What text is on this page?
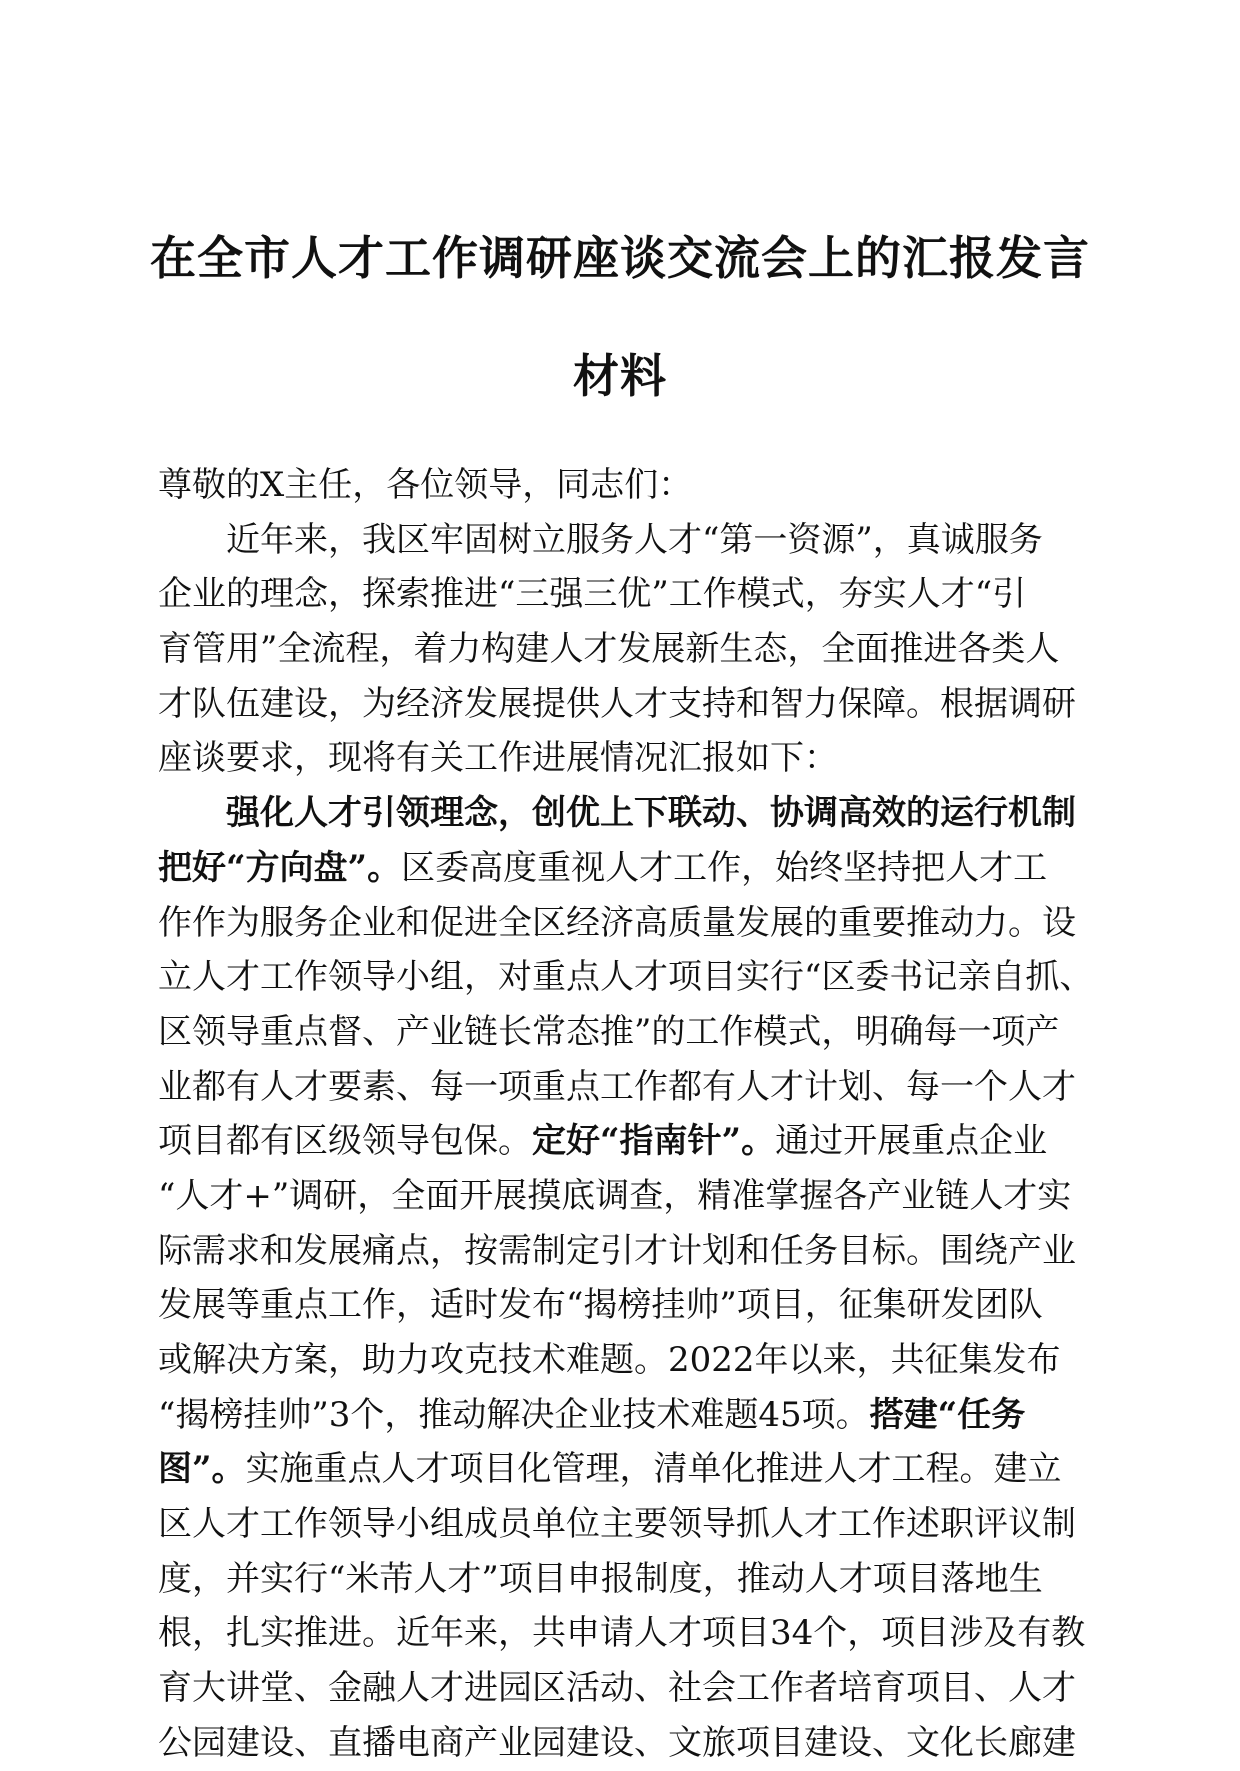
在全市人才工作调研座谈交流会上的汇报发言
材料
尊敬的X主任，各位领导，同志们：
近年来，我区牢固树立服务人才“第一资源”，真诚服务
企业的理念，探索推进“三强三优”工作模式，夯实人才“引
育管用”全流程，着力构建人才发展新生态，全面推进各类人
才队伍建设，为经济发展提供人才支持和智力保障。根据调研
座谈要求，现将有关工作进展情况汇报如下：
强化人才引领理念，创优上下联动、协调高效的运行机制
把好“方向盘”。区委高度重视人才工作，始终坚持把人才工
作作为服务企业和促进全区经济高质量发展的重要推动力。设
立人才工作领导小组，对重点人才项目实行“区委书记亲自抓、
区领导重点督、产业链长常态推”的工作模式，明确每一项产
业都有人才要素、每一项重点工作都有人才计划、每一个人才
项目都有区级领导包保。定好“指南针”。通过开展重点企业
“人才+”调研，全面开展摸底调查，精准掌握各产业链人才实
际需求和发展痛点，按需制定引才计划和任务目标。围绕产业
发展等重点工作，适时发布“揭榜挂帅”项目，征集研发团队
或解决方案，助力攻克技术难题。2022年以来，共征集发布
“揭榜挂帅”3个，推动解决企业技术难题45项。搭建“任务
图”。实施重点人才项目化管理，清单化推进人才工程。建立
区人才工作领导小组成员单位主要领导抓人才工作述职评议制
度，并实行“米芾人才”项目申报制度，推动人才项目落地生
根，扎实推进。近年来，共申请人才项目34个，项目涉及有教
育大讲堂、金融人才进园区活动、社会工作者培育项目、人才
公园建设、直播电商产业园建设、文旅项目建设、文化长廊建
